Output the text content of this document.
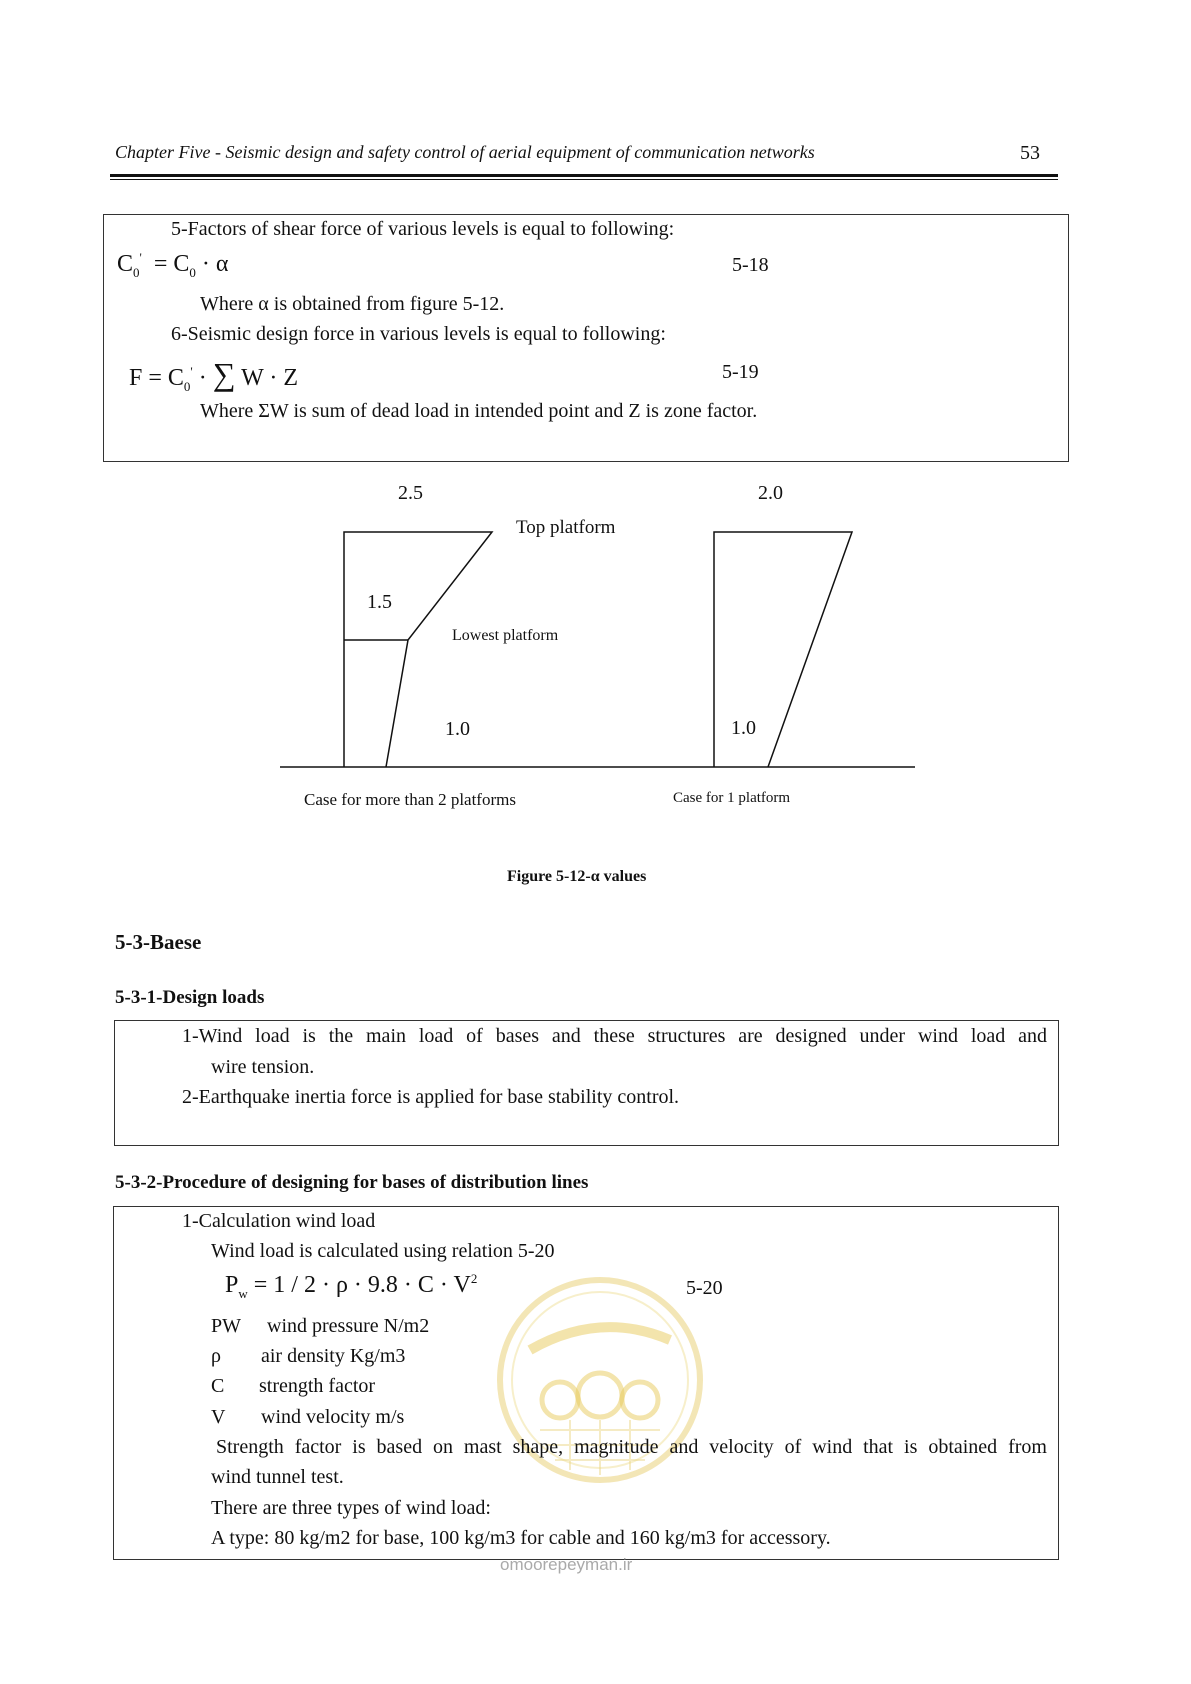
Chapter Five - Seismic design and safety control of aerial equipment of communication networks	53
5-Factors of shear force of various levels is equal to following:
$C_0' = C_0 \cdot \alpha$	5-18
Where α is obtained from figure 5-12.
6-Seismic design force in various levels is equal to following:
$F = C_0'$ · ∑ W · Z	5-19
Where ΣW is sum of dead load in intended point and Z is zone factor.
2.5	2.0
Top platform
1.5
Lowest platform
1.0	1.0
Case for more than 2 platforms	Case for 1 platform
Figure 5-12-α values
5-3-Baese
5-3-1-Design loads
1-Wind load is the main load of bases and these structures are designed under wind load and
wire tension.
2-Earthquake inertia force is applied for base stability control.
5-3-2-Procedure of designing for bases of distribution lines
omoorepeyman.ir
1-Calculation wind load
Wind load is calculated using relation 5-20
$P_w = 1 / 2 \cdot \rho \cdot 9.8 \cdot C \cdot V^2$	5-20
PW wind pressure N/m2
ρ air density Kg/m3
C strength factor
V wind velocity m/s
Strength factor is based on mast shape, magnitude and velocity of wind that is obtained from
wind tunnel test.
There are three types of wind load:
A type: 80 kg/m2 for base, 100 kg/m3 for cable and 160 kg/m3 for accessory.
